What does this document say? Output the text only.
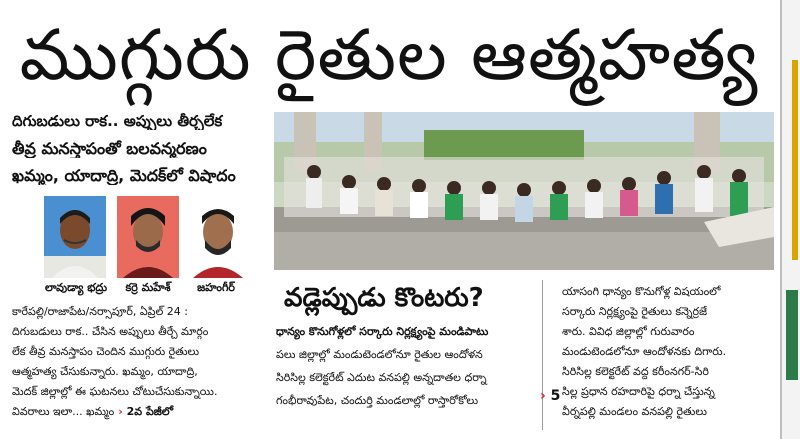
ముగ్గురు రైతుల ఆత్మహత్య
దిగుబడులు రాక.. అప్పులు తీర్చలేక
తీవ్ర మనస్తాపంతో బలవన్మరణం
ఖమ్మం, యాదాద్రి, మెదక్‌లో విషాదం
లావుడ్యా భద్రు	కర్రె మహేశ్‌	జహంగీర్‌
కారేపల్లి/రాజాపేట/నర్సాపూర్‌, ఏప్రిల్‌ 24 :
దిగుబడులు రాక.. చేసిన అప్పులు తీర్చే మార్గం
లేక తీవ్ర మనస్తాపం చెందిన ముగ్గురు రైతులు
ఆత్మహత్య చేసుకున్నారు. ఖమ్మం, యాదాద్రి,
మెదక్‌ జిల్లాల్లో ఈ ఘటనలు చోటుచేసుకున్నాయి.
వివరాలు ఇలా... ఖమ్మం › 2వ పేజీలో
వడ్లెప్పుడు కొంటరు?
ధాన్యం కొనుగోళ్లలో సర్కారు నిర్లక్ష్యంపై మండిపాటు
పలు జిల్లాల్లో మండుటెండలోనూ రైతుల ఆందోళన
సిరిసిల్ల కలెక్టరేట్‌ ఎదుట వనపల్లి అన్నదాతల ధర్నా
గంభీరావుపేట, చందుర్తి మండలాల్లో రాస్తారోకోలు	› 5
యాసంగి ధాన్యం కొనుగోళ్ల విషయంలో
సర్కారు నిర్లక్ష్యంపై రైతులు కన్నెర్రజే
శారు. వివిధ జిల్లాల్లో గురువారం
మండుటెండలోనూ ఆందోళనకు దిగారు.
సిరిసిల్ల కలెక్టరేట్‌ వద్ద కరీంనగర్‌-సిరి
సిల్ల ప్రధాన రహదారిపై ధర్నా చేస్తున్న
వీర్నపల్లి మండలం వనపల్లి రైతులు
